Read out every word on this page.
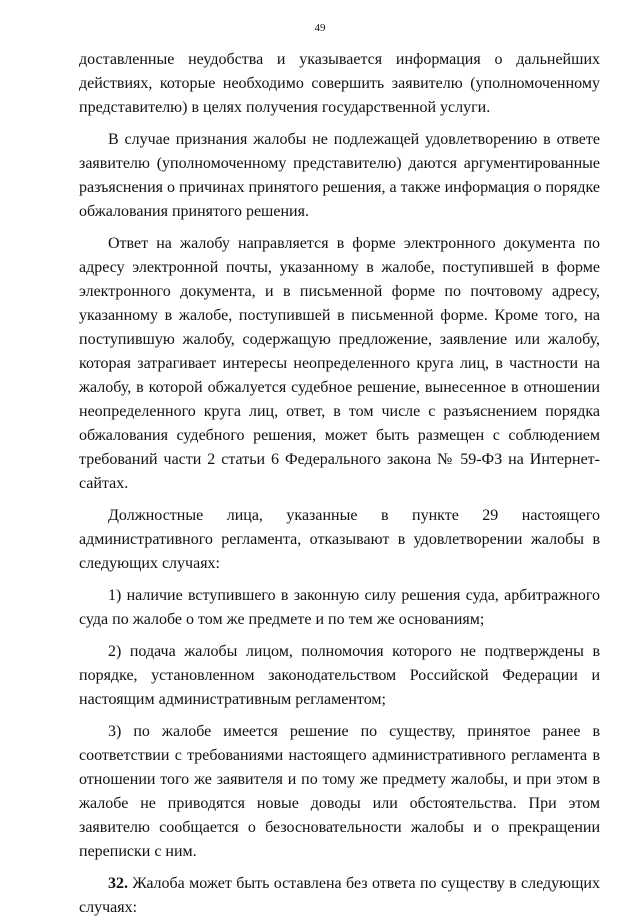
49

доставленные неудобства и указывается информация о дальнейших действиях, которые необходимо совершить заявителю (уполномоченному представителю) в целях получения государственной услуги.

В случае признания жалобы не подлежащей удовлетворению в ответе заявителю (уполномоченному представителю) даются аргументированные разъяснения о причинах принятого решения, а также информация о порядке обжалования принятого решения.

Ответ на жалобу направляется в форме электронного документа по адресу электронной почты, указанному в жалобе, поступившей в форме электронного документа, и в письменной форме по почтовому адресу, указанному в жалобе, поступившей в письменной форме. Кроме того, на поступившую жалобу, содержащую предложение, заявление или жалобу, которая затрагивает интересы неопределенного круга лиц, в частности на жалобу, в которой обжалуется судебное решение, вынесенное в отношении неопределенного круга лиц, ответ, в том числе с разъяснением порядка обжалования судебного решения, может быть размещен с соблюдением требований части 2 статьи 6 Федерального закона № 59-ФЗ на Интернет-сайтах.

Должностные лица, указанные в пункте 29 настоящего административного регламента, отказывают в удовлетворении жалобы в следующих случаях:

1) наличие вступившего в законную силу решения суда, арбитражного суда по жалобе о том же предмете и по тем же основаниям;

2) подача жалобы лицом, полномочия которого не подтверждены в порядке, установленном законодательством Российской Федерации и настоящим административным регламентом;

3) по жалобе имеется решение по существу, принятое ранее в соответствии с требованиями настоящего административного регламента в отношении того же заявителя и по тому же предмету жалобы, и при этом в жалобе не приводятся новые доводы или обстоятельства. При этом заявителю сообщается о безосновательности жалобы и о прекращении переписки с ним.

32. Жалоба может быть оставлена без ответа по существу в следующих случаях:
